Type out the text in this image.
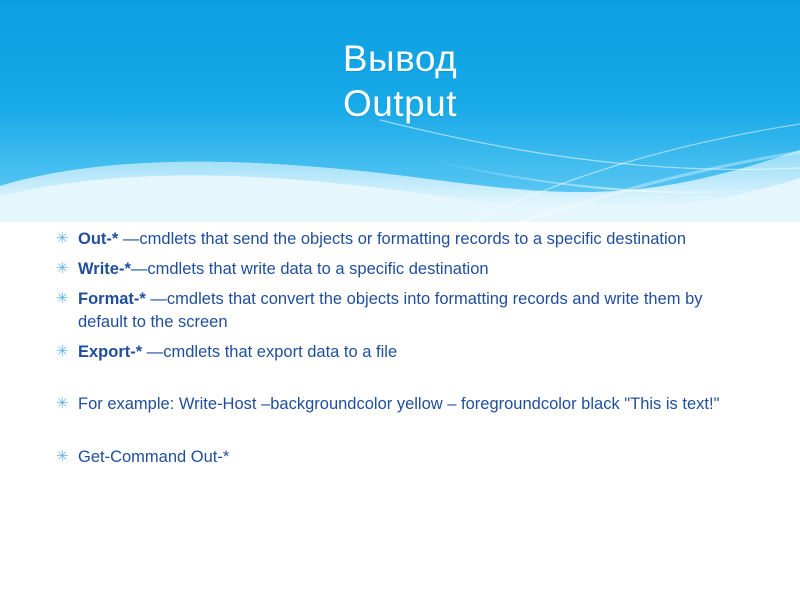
Вывод
Output
✳ Out-* —cmdlets that send the objects or formatting records to a specific destination
✳ Write-*—cmdlets that write data to a specific destination
✳ Format-* —cmdlets that convert the objects into formatting records and write them by default to the screen
✳ Export-* —cmdlets that export data to a file
✳ For example: Write-Host –backgroundcolor yellow – foregroundcolor black "This is text!"
✳ Get-Command Out-*
